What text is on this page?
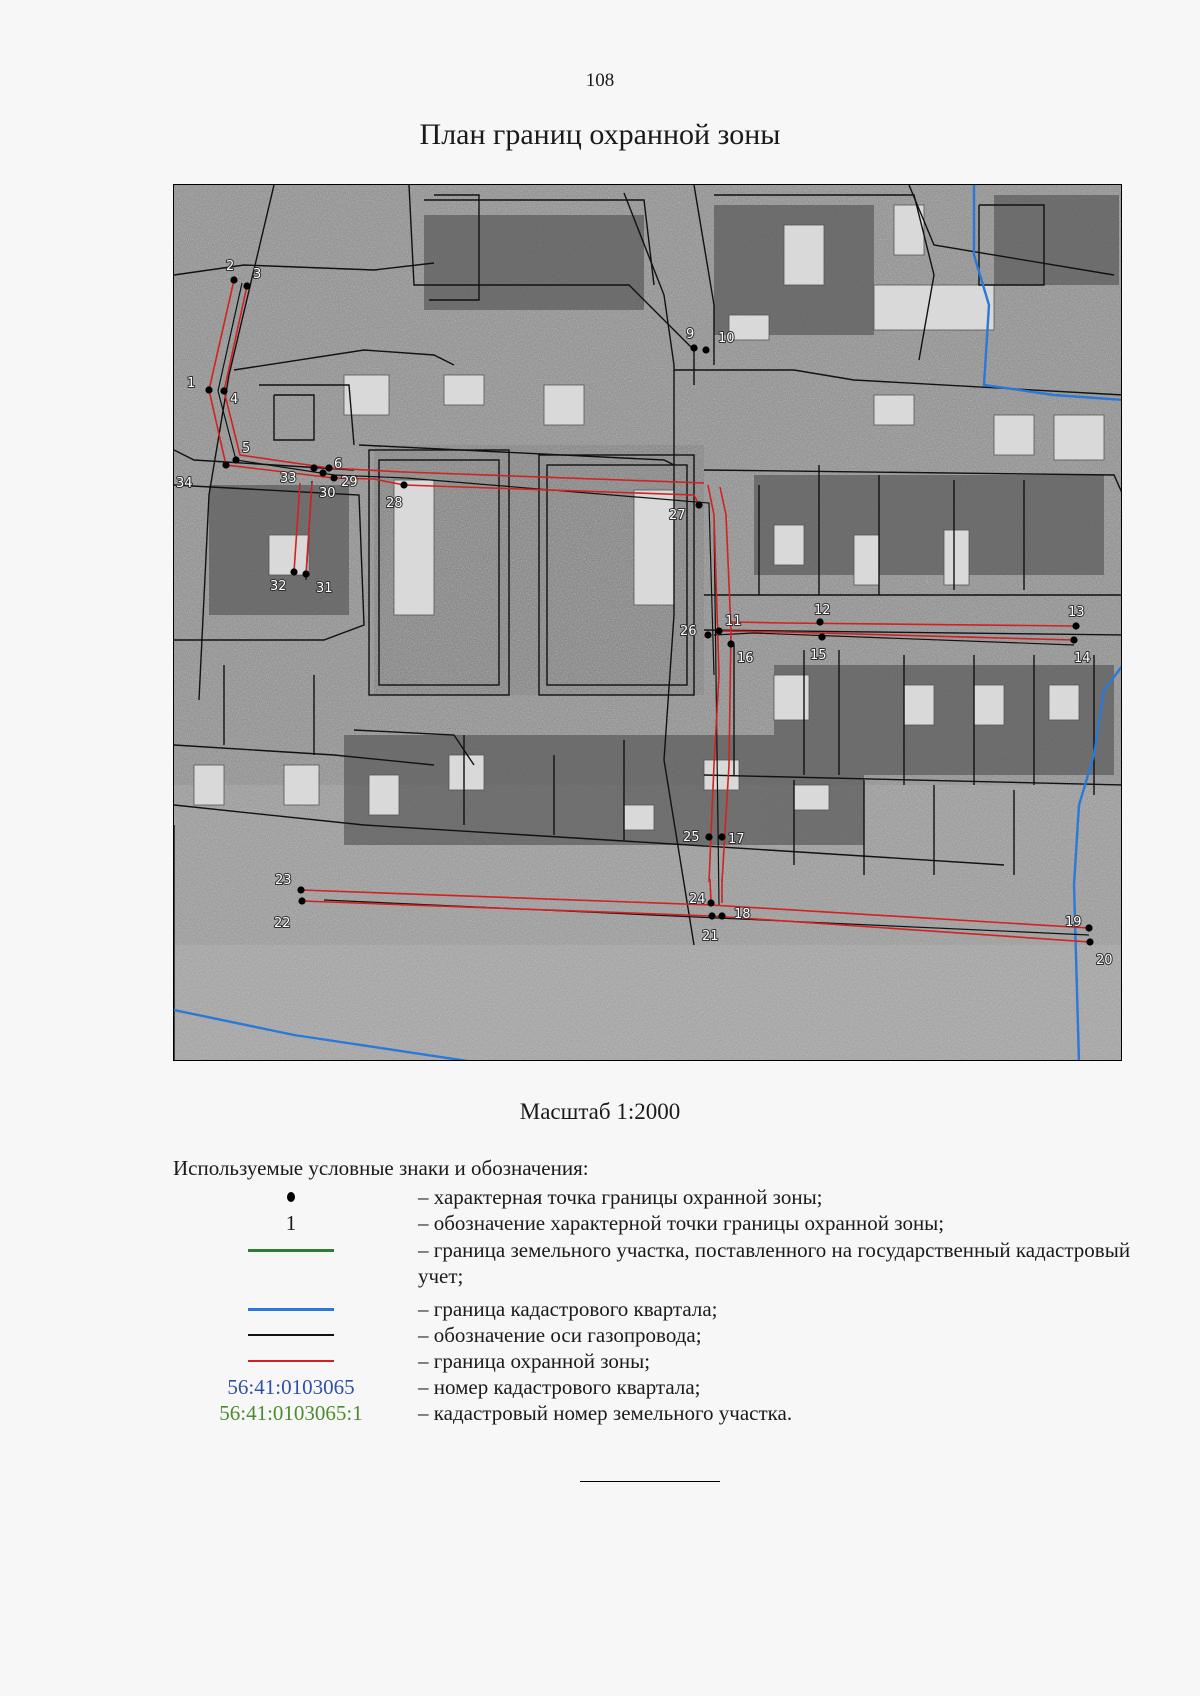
108
План границ охранной зоны
1
2
3
4
5
6
9 10
11
12	13
14
15
16
17
18
19
20
21
22
23
24
25
26
27
28
29
30
31
32
33
34
Масштаб 1:2000
Используемые условные знаки и обозначения:
– характерная точка границы охранной зоны;
1	– обозначение характерной точки границы охранной зоны;
– граница земельного участка, поставленного на государственный кадастровый учет;
– граница кадастрового квартала;
– обозначение оси газопровода;
– граница охранной зоны;
56:41:0103065	– номер кадастрового квартала;
56:41:0103065:1	– кадастровый номер земельного участка.
